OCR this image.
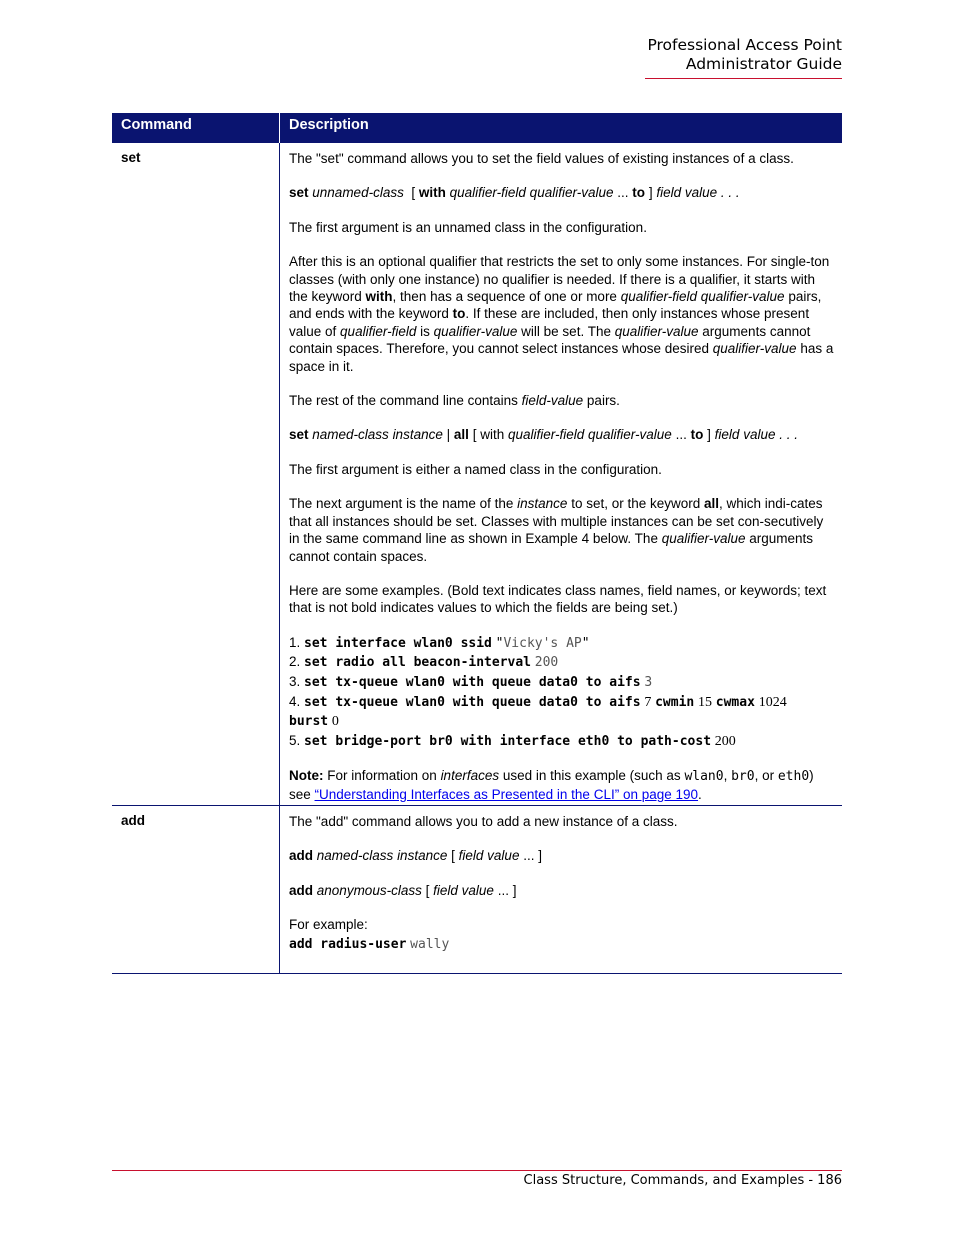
Professional Access Point
Administrator Guide
Command	Description
set	The "set" command allows you to set the field values of existing instances of a class.

set unnamed-class [ with qualifier-field qualifier-value ... to ] field value . . .

The first argument is an unnamed class in the configuration.

After this is an optional qualifier that restricts the set to only some instances. For single-ton classes (with only one instance) no qualifier is needed. If there is a qualifier, it starts with the keyword with, then has a sequence of one or more qualifier-field qualifier-value pairs, and ends with the keyword to. If these are included, then only instances whose present value of qualifier-field is qualifier-value will be set. The qualifier-value arguments cannot contain spaces. Therefore, you cannot select instances whose desired qualifier-value has a space in it.

The rest of the command line contains field-value pairs.

set named-class instance | all [ with qualifier-field qualifier-value ... to ] field value . . .

The first argument is either a named class in the configuration.

The next argument is the name of the instance to set, or the keyword all, which indi-cates that all instances should be set. Classes with multiple instances can be set con-secutively in the same command line as shown in Example 4 below. The qualifier-value arguments cannot contain spaces.

Here are some examples. (Bold text indicates class names, field names, or keywords; text that is not bold indicates values to which the fields are being set.)

1. set interface wlan0 ssid "Vicky's AP"
2. set radio all beacon-interval 200
3. set tx-queue wlan0 with queue data0 to aifs 3
4. set tx-queue wlan0 with queue data0 to aifs 7 cwmin 15 cwmax 1024
burst 0
5. set bridge-port br0 with interface eth0 to path-cost 200

Note: For information on interfaces used in this example (such as wlan0, br0, or eth0) see “Understanding Interfaces as Presented in the CLI” on page 190.

add	The "add" command allows you to add a new instance of a class.

add named-class instance [ field value ... ]

add anonymous-class [ field value ... ]

For example:
add radius-user wally
Class Structure, Commands, and Examples - 186
